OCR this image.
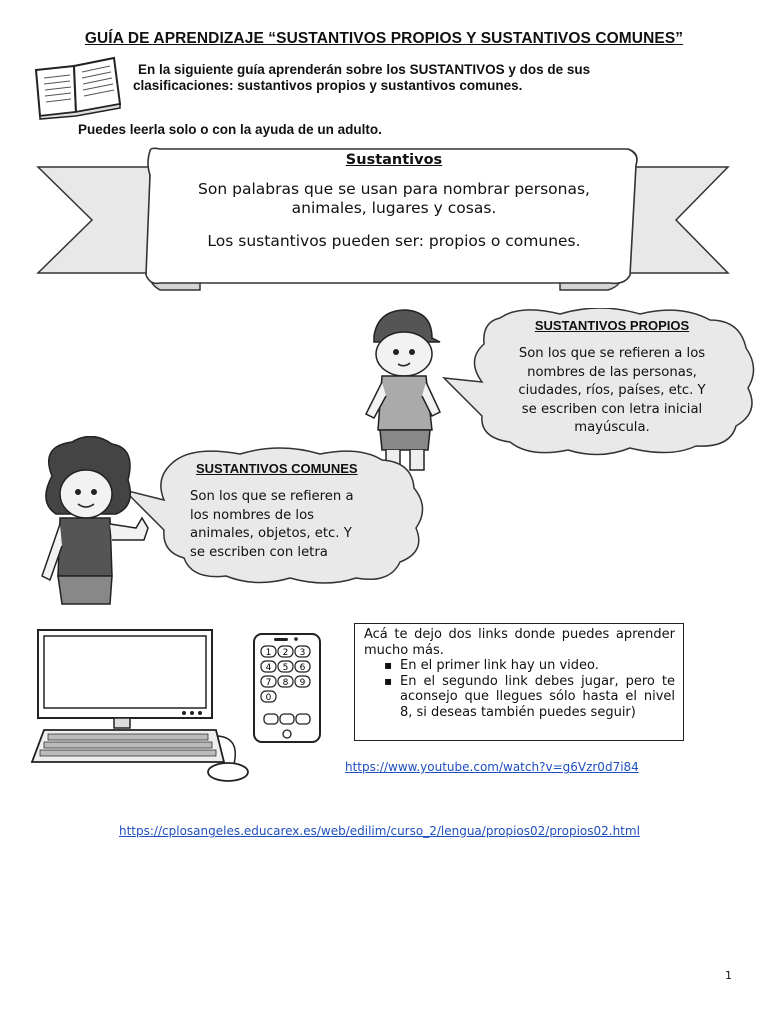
GUÍA DE APRENDIZAJE “SUSTANTIVOS PROPIOS Y SUSTANTIVOS COMUNES”
En la siguiente guía aprenderán sobre los SUSTANTIVOS y dos de sus
clasificaciones: sustantivos propios y sustantivos comunes.
Puedes leerla solo o con la ayuda de un adulto.
Sustantivos
Son palabras que se usan para nombrar personas,
animales, lugares y cosas.
Los sustantivos pueden ser: propios o comunes.
SUSTANTIVOS PROPIOS
Son los que se refieren a los
nombres de las personas,
ciudades, ríos, países, etc. Y
se escriben con letra inicial
mayúscula.
SUSTANTIVOS COMUNES
Son los que se refieren a
los nombres de los
animales, objetos, etc. Y
se escriben con letra
1 2 3
4 5 6
7 8 9
0
Acá te dejo dos links donde puedes aprender mucho más.
▪ En el primer link hay un video.
▪ En el segundo link debes jugar, pero te aconsejo que llegues sólo hasta el nivel 8, si deseas también puedes seguir)
https://www.youtube.com/watch?v=g6Vzr0d7i84
https://cplosangeles.educarex.es/web/edilim/curso_2/lengua/propios02/propios02.html
1
